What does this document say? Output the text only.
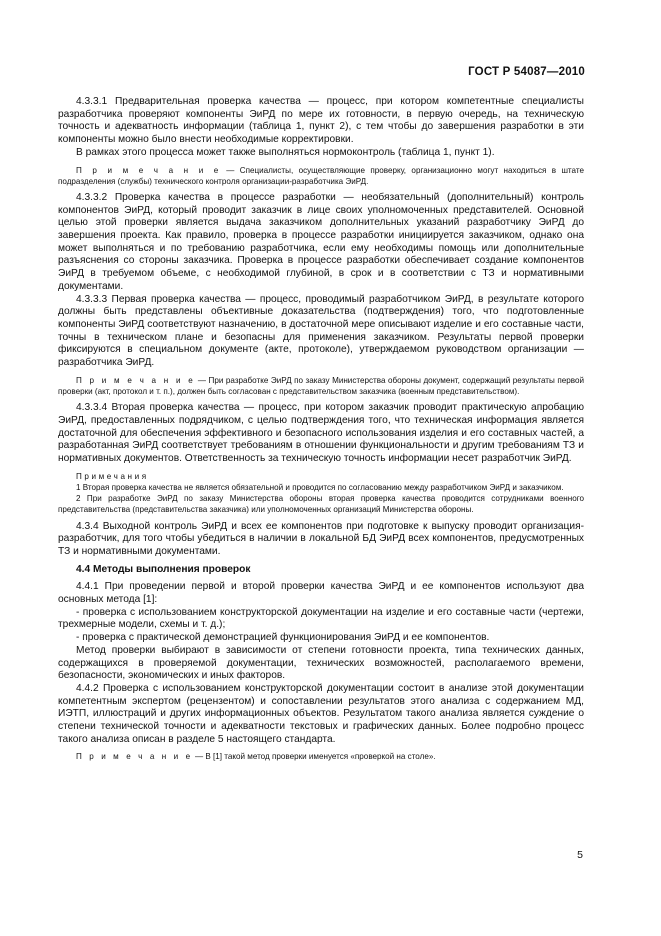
ГОСТ Р 54087—2010

4.3.3.1 Предварительная проверка качества — процесс, при котором компетентные специалисты разработчика проверяют компоненты ЭиРД по мере их готовности, в первую очередь, на техническую точность и адекватность информации (таблица 1, пункт 2), с тем чтобы до завершения разработки в эти компоненты можно было внести необходимые корректировки.

В рамках этого процесса может также выполняться нормоконтроль (таблица 1, пункт 1).

П р и м е ч а н и е — Специалисты, осуществляющие проверку, организационно могут находиться в штате подразделения (службы) технического контроля организации-разработчика ЭиРД.

4.3.3.2 Проверка качества в процессе разработки — необязательный (дополнительный) контроль компонентов ЭиРД, который проводит заказчик в лице своих уполномоченных представителей. Основной целью этой проверки является выдача заказчиком дополнительных указаний разработчику ЭиРД до завершения проекта. Как правило, проверка в процессе разработки инициируется заказчиком, однако она может выполняться и по требованию разработчика, если ему необходимы помощь или дополнительные разъяснения со стороны заказчика. Проверка в процессе разработки обеспечивает создание компонентов ЭиРД в требуемом объеме, с необходимой глубиной, в срок и в соответствии с ТЗ и нормативными документами.

4.3.3.3 Первая проверка качества — процесс, проводимый разработчиком ЭиРД, в результате которого должны быть представлены объективные доказательства (подтверждения) того, что подготовленные компоненты ЭиРД соответствуют назначению, в достаточной мере описывают изделие и его составные части, точны в техническом плане и безопасны для применения заказчиком. Результаты первой проверки фиксируются в специальном документе (акте, протоколе), утверждаемом руководством организации — разработчика ЭиРД.

П р и м е ч а н и е — При разработке ЭиРД по заказу Министерства обороны документ, содержащий результаты первой проверки (акт, протокол и т. п.), должен быть согласован с представительством заказчика (военным представительством).

4.3.3.4 Вторая проверка качества — процесс, при котором заказчик проводит практическую апробацию ЭиРД, предоставленных подрядчиком, с целью подтверждения того, что техническая информация является достаточной для обеспечения эффективного и безопасного использования изделия и его составных частей, а разработанная ЭиРД соответствует требованиям в отношении функциональности и другим требованиям ТЗ и нормативных документов. Ответственность за техническую точность информации несет разработчик ЭиРД.

Примечания

1 Вторая проверка качества не является обязательной и проводится по согласованию между разработчиком ЭиРД и заказчиком.

2 При разработке ЭиРД по заказу Министерства обороны вторая проверка качества проводится сотрудниками военного представительства (представительства заказчика) или уполномоченных организаций Министерства обороны.

4.3.4 Выходной контроль ЭиРД и всех ее компонентов при подготовке к выпуску проводит организация-разработчик, для того чтобы убедиться в наличии в локальной БД ЭиРД всех компонентов, предусмотренных ТЗ и нормативными документами.

4.4 Методы выполнения проверок

4.4.1 При проведении первой и второй проверки качества ЭиРД и ее компонентов используют два основных метода [1]:

- проверка с использованием конструкторской документации на изделие и его составные части (чертежи, трехмерные модели, схемы и т. д.);

- проверка с практической демонстрацией функционирования ЭиРД и ее компонентов.

Метод проверки выбирают в зависимости от степени готовности проекта, типа технических данных, содержащихся в проверяемой документации, технических возможностей, располагаемого времени, безопасности, экономических и иных факторов.

4.4.2 Проверка с использованием конструкторской документации состоит в анализе этой документации компетентным экспертом (рецензентом) и сопоставлении результатов этого анализа с содержанием МД, ИЭТП, иллюстраций и других информационных объектов. Результатом такого анализа является суждение о степени технической точности и адекватности текстовых и графических данных. Более подробно процесс такого анализа описан в разделе 5 настоящего стандарта.

П р и м е ч а н и е — В [1] такой метод проверки именуется «проверкой на столе».

5
